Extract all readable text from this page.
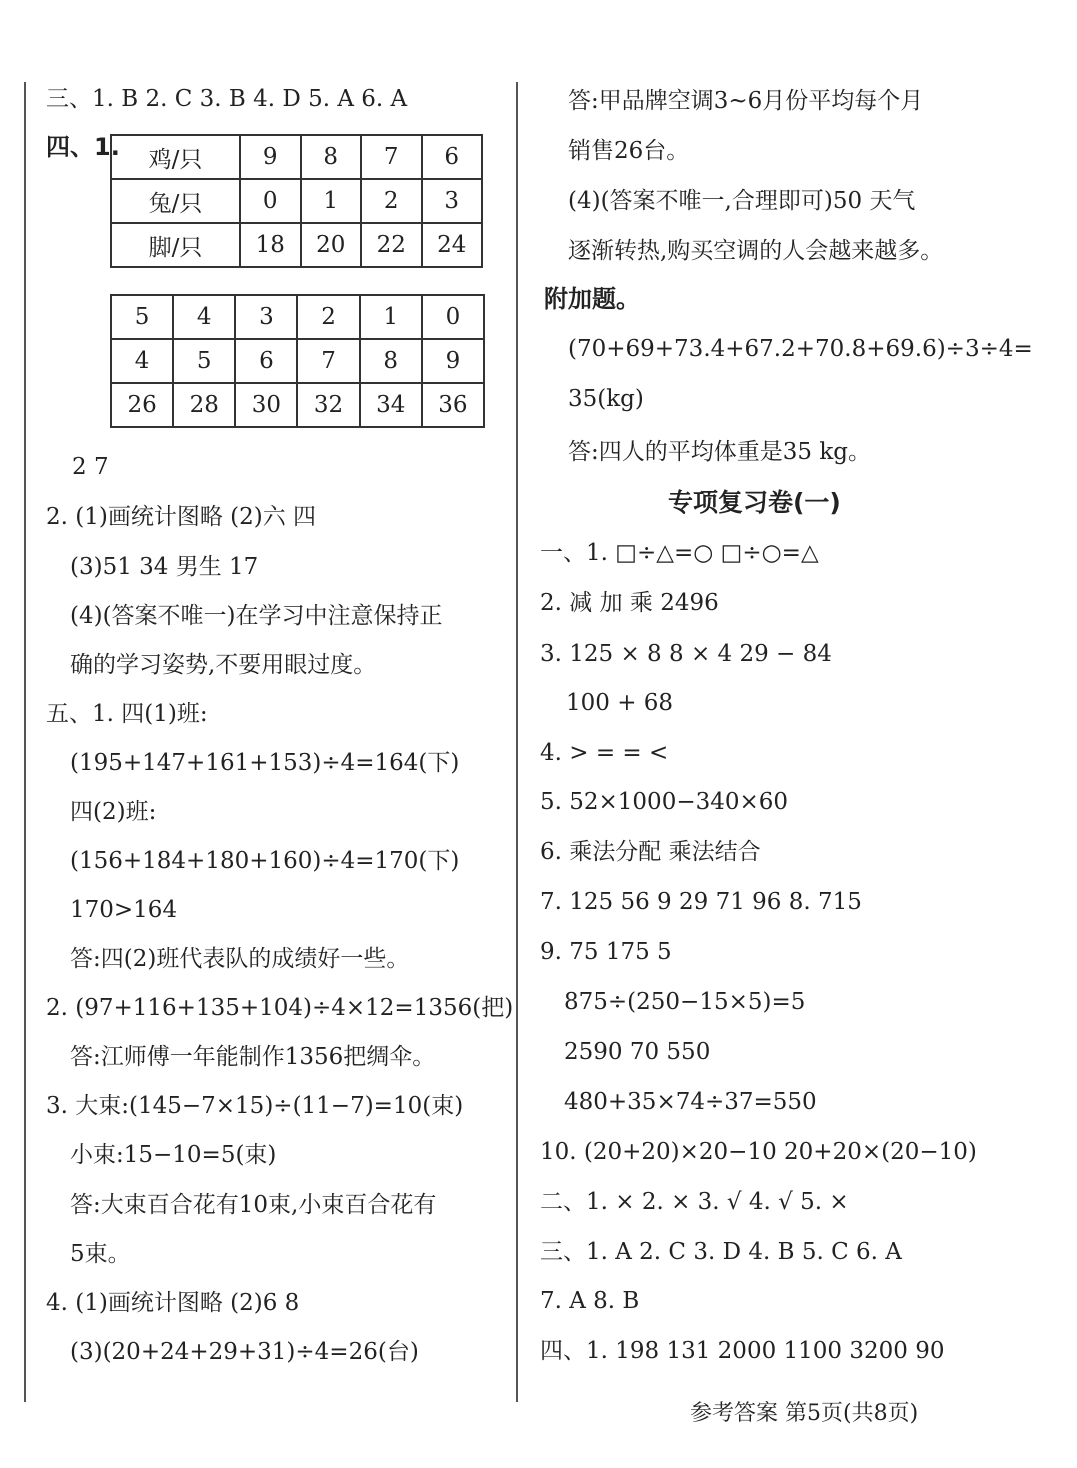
三、1. B 2. C 3. B 4. D 5. A 6. A
四、1. 鸡/只	9	8	7	6
兔/只	0	1	2	3
脚/只	18	20	22	24
5	4	3	2	1	0
4	5	6	7	8	9
26	28	30	32	34	36
2 7
2. (1)画统计图略 (2)六 四
(3)51 34 男生 17
(4)(答案不唯一)在学习中注意保持正
确的学习姿势,不要用眼过度。
五、1. 四(1)班:
(195+147+161+153)÷4=164(下)
四(2)班:
(156+184+180+160)÷4=170(下)
170>164
答:四(2)班代表队的成绩好一些。
2. (97+116+135+104)÷4×12=1356(把)
答:江师傅一年能制作1356把绸伞。
3. 大束:(145−7×15)÷(11−7)=10(束)
小束:15−10=5(束)
答:大束百合花有10束,小束百合花有
5束。
4. (1)画统计图略 (2)6 8
(3)(20+24+29+31)÷4=26(台)
答:甲品牌空调3~6月份平均每个月
销售26台。
(4)(答案不唯一,合理即可)50 天气
逐渐转热,购买空调的人会越来越多。
附加题。
(70+69+73.4+67.2+70.8+69.6)÷3÷4=
35(kg)
答:四人的平均体重是35 kg。
专项复习卷(一)
一、1. □÷△=○ □÷○=△
2. 减 加 乘 2496
3. 125 × 8 8 × 4 29 − 84
100 + 68
4. > = = <
5. 52×1000−340×60
6. 乘法分配 乘法结合
7. 125 56 9 29 71 96 8. 715
9. 75 175 5
875÷(250−15×5)=5
2590 70 550
480+35×74÷37=550
10. (20+20)×20−10 20+20×(20−10)
二、1. × 2. × 3. √ 4. √ 5. ×
三、1. A 2. C 3. D 4. B 5. C 6. A
7. A 8. B
四、1. 198 131 2000 1100 3200 90
参考答案 第5页(共8页)
